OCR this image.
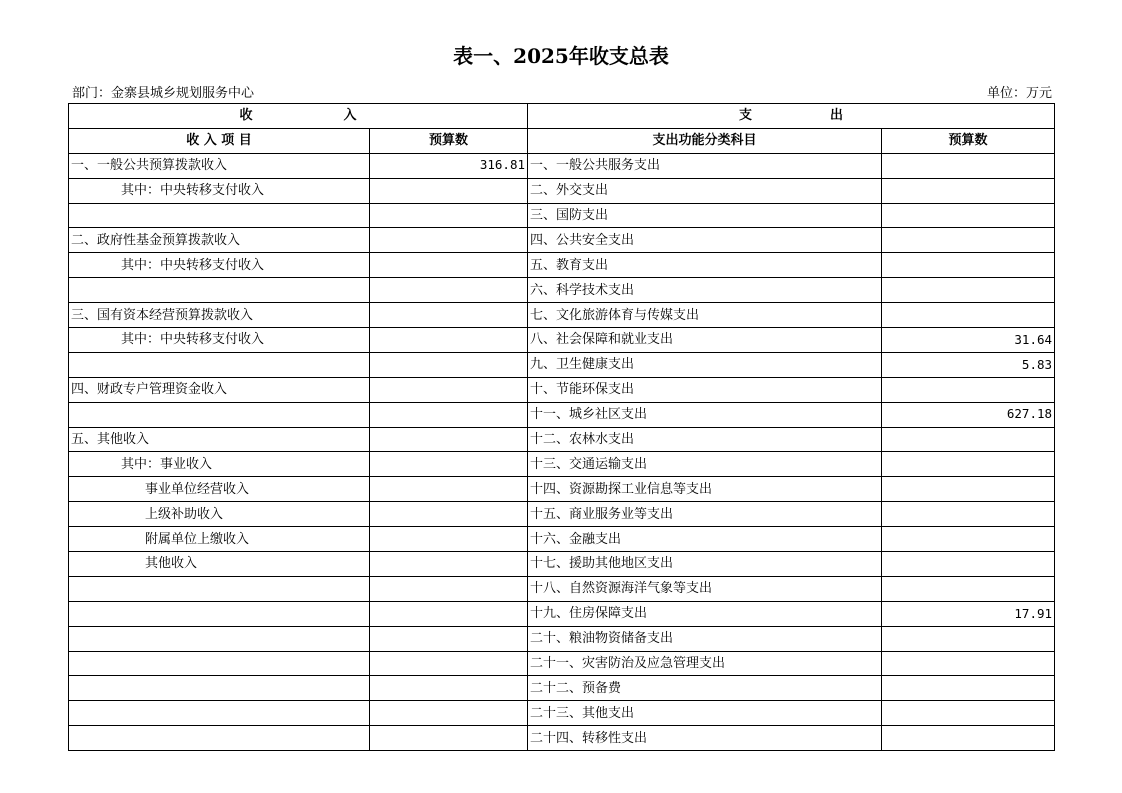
表一、2025年收支总表
部门：金寨县城乡规划服务中心	单位：万元
收　　　　　　　入		支　　　　　　出	
收 入 项 目	预算数	支出功能分类科目	预算数
一、一般公共预算拨款收入	316.81	一、一般公共服务支出	
其中：中央转移支付收入		二、外交支出	
		三、国防支出	
二、政府性基金预算拨款收入		四、公共安全支出	
其中：中央转移支付收入		五、教育支出	
		六、科学技术支出	
三、国有资本经营预算拨款收入		七、文化旅游体育与传媒支出	
其中：中央转移支付收入		八、社会保障和就业支出	31.64
		九、卫生健康支出	5.83
四、财政专户管理资金收入		十、节能环保支出	
		十一、城乡社区支出	627.18
五、其他收入		十二、农林水支出	
其中：事业收入		十三、交通运输支出	
事业单位经营收入		十四、资源勘探工业信息等支出	
上级补助收入		十五、商业服务业等支出	
附属单位上缴收入		十六、金融支出	
其他收入		十七、援助其他地区支出	
		十八、自然资源海洋气象等支出	
		十九、住房保障支出	17.91
		二十、粮油物资储备支出	
		二十一、灾害防治及应急管理支出	
		二十二、预备费	
		二十三、其他支出	
		二十四、转移性支出	
